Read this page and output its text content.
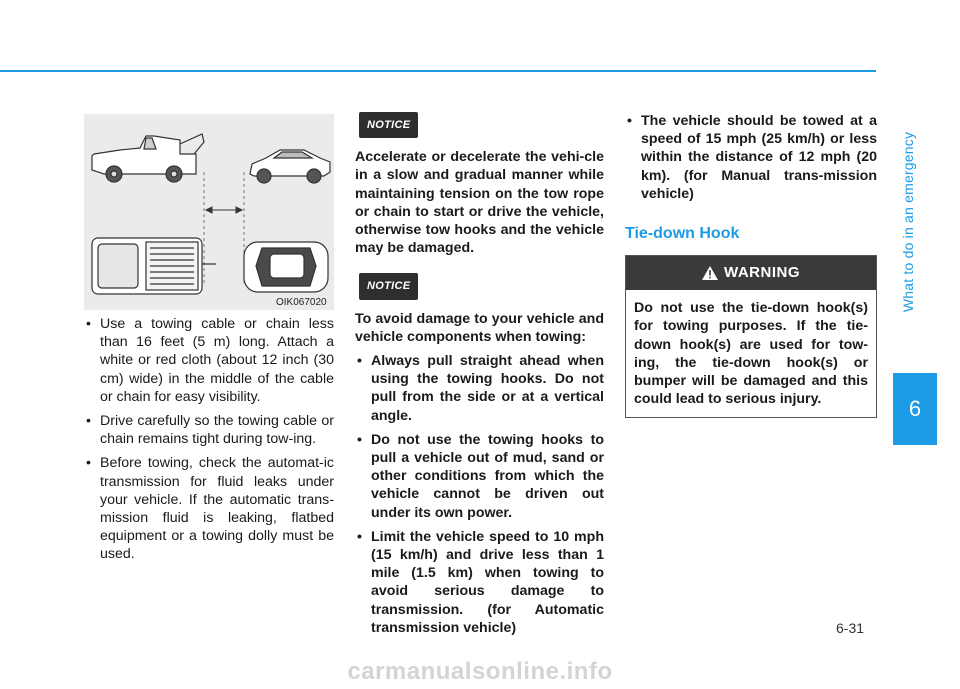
What to do in an emergency
6
OIK067020
• Use a towing cable or chain less than 16 feet (5 m) long. Attach a white or red cloth (about 12 inch (30 cm) wide) in the middle of the cable or chain for easy visibility.
• Drive carefully so the towing cable or chain remains tight during tow-ing.
• Before towing, check the automat-ic transmission for fluid leaks under your vehicle. If the automatic trans-mission fluid is leaking, flatbed equipment or a towing dolly must be used.
NOTICE
Accelerate or decelerate the vehi-cle in a slow and gradual manner while maintaining tension on the tow rope or chain to start or drive the vehicle, otherwise tow hooks and the vehicle may be damaged.
NOTICE
To avoid damage to your vehicle and vehicle components when towing:
• Always pull straight ahead when using the towing hooks. Do not pull from the side or at a vertical angle.
• Do not use the towing hooks to pull a vehicle out of mud, sand or other conditions from which the vehicle cannot be driven out under its own power.
• Limit the vehicle speed to 10 mph (15 km/h) and drive less than 1 mile (1.5 km) when towing to avoid serious damage to transmission. (for Automatic transmission vehicle)
• The vehicle should be towed at a speed of 15 mph (25 km/h) or less within the distance of 12 mph (20 km). (for Manual trans-mission vehicle)
Tie-down Hook
WARNING
Do not use the tie-down hook(s) for towing purposes. If the tie-down hook(s) are used for tow-ing, the tie-down hook(s) or bumper will be damaged and this could lead to serious injury.
6-31
carmanualsonline.info
